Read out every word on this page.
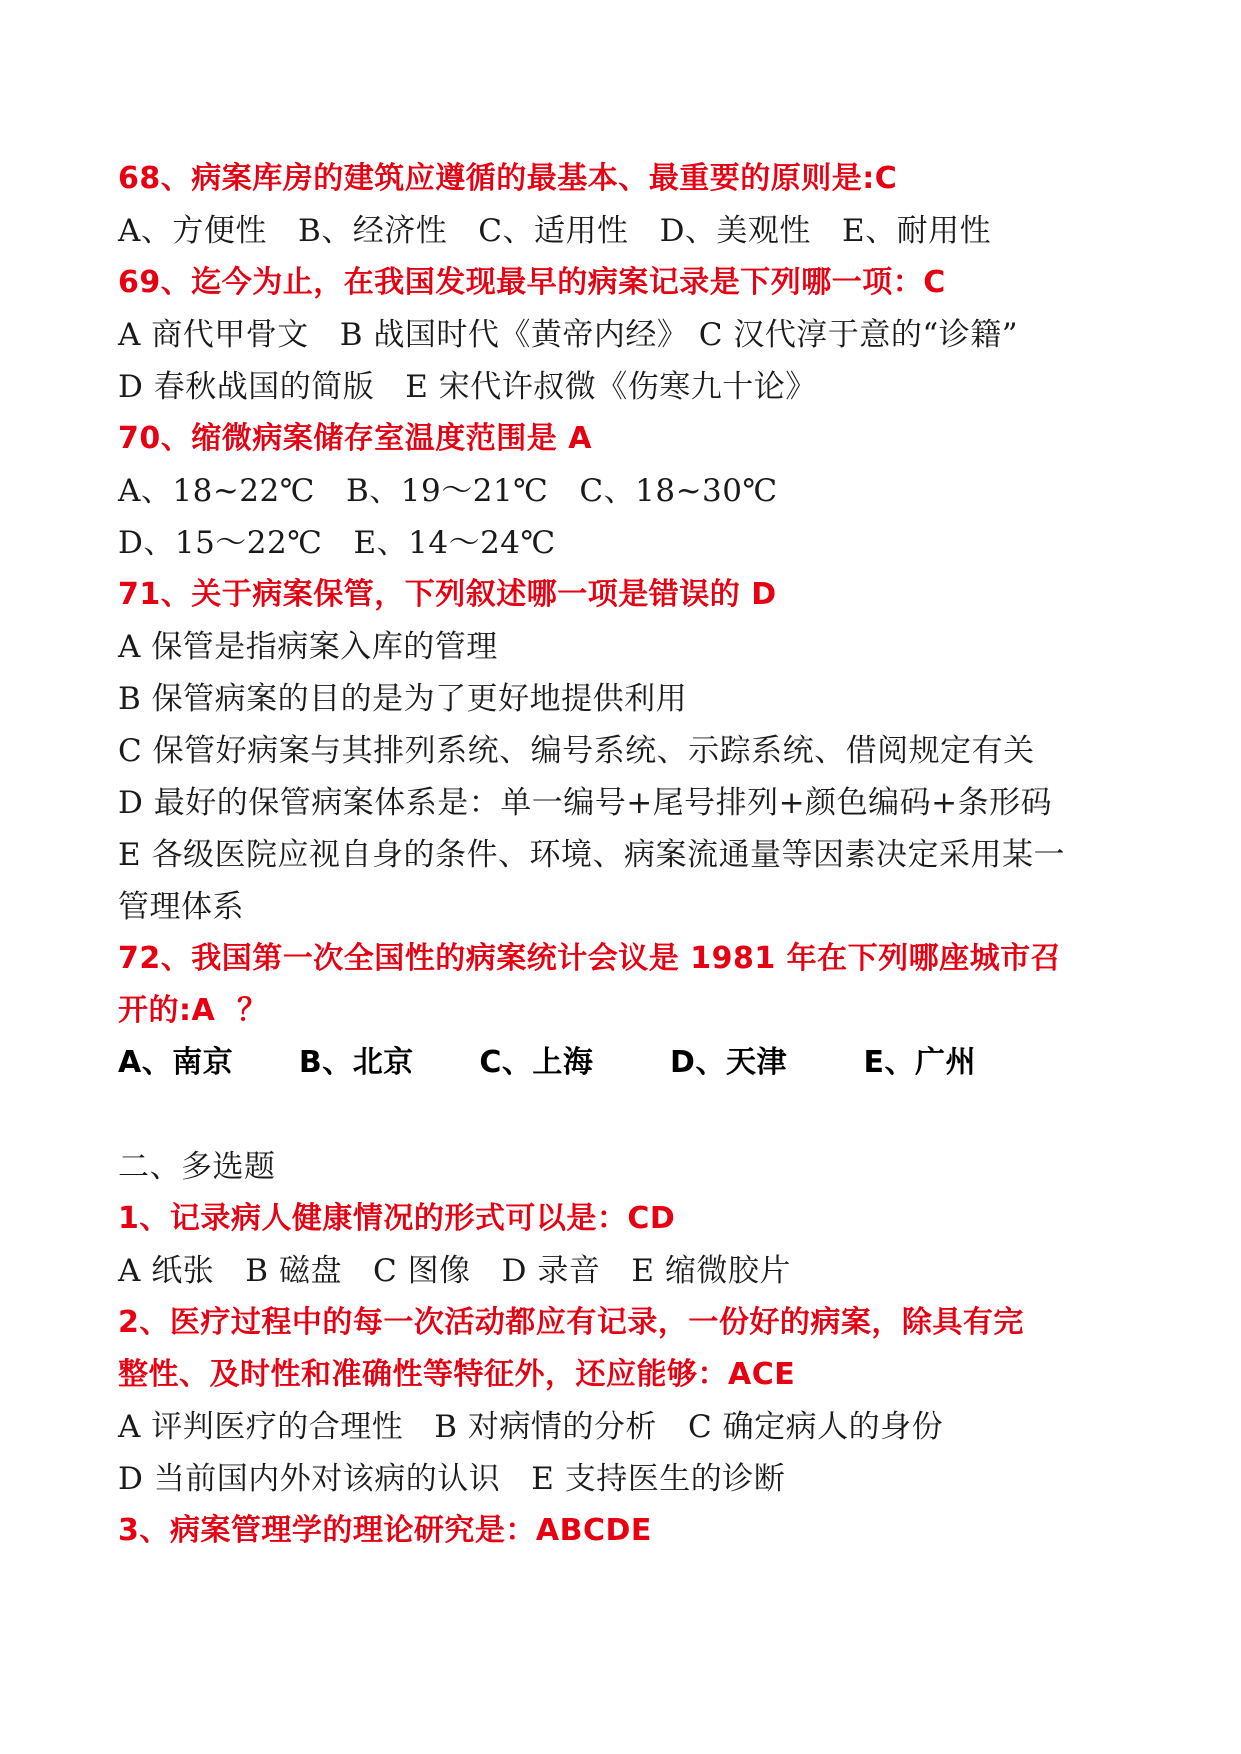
68、病案库房的建筑应遵循的最基本、最重要的原则是:C
A、方便性   B、经济性   C、适用性   D、美观性   E、耐用性
69、迄今为止，在我国发现最早的病案记录是下列哪一项：C
A 商代甲骨文   B 战国时代《黄帝内经》 C 汉代淳于意的“诊籍”
D 春秋战国的简版   E 宋代许叔微《伤寒九十论》
70、缩微病案储存室温度范围是 A
A、18~22℃   B、19～21℃   C、18~30℃
D、15～22℃   E、14～24℃
71、关于病案保管，下列叙述哪一项是错误的 D
A 保管是指病案入库的管理
B 保管病案的目的是为了更好地提供利用
C 保管好病案与其排列系统、编号系统、示踪系统、借阅规定有关
D 最好的保管病案体系是：单一编号+尾号排列+颜色编码+条形码
E 各级医院应视自身的条件、环境、病案流通量等因素决定采用某一
管理体系
72、我国第一次全国性的病案统计会议是 1981 年在下列哪座城市召
开的:A  ？
A、南京      B、北京      C、上海       D、天津       E、广州
二、多选题
1、记录病人健康情况的形式可以是：CD
A 纸张   B 磁盘   C 图像   D 录音   E 缩微胶片
2、医疗过程中的每一次活动都应有记录，一份好的病案，除具有完
整性、及时性和准确性等特征外，还应能够：ACE
A 评判医疗的合理性   B 对病情的分析   C 确定病人的身份
D 当前国内外对该病的认识   E 支持医生的诊断
3、病案管理学的理论研究是：ABCDE
